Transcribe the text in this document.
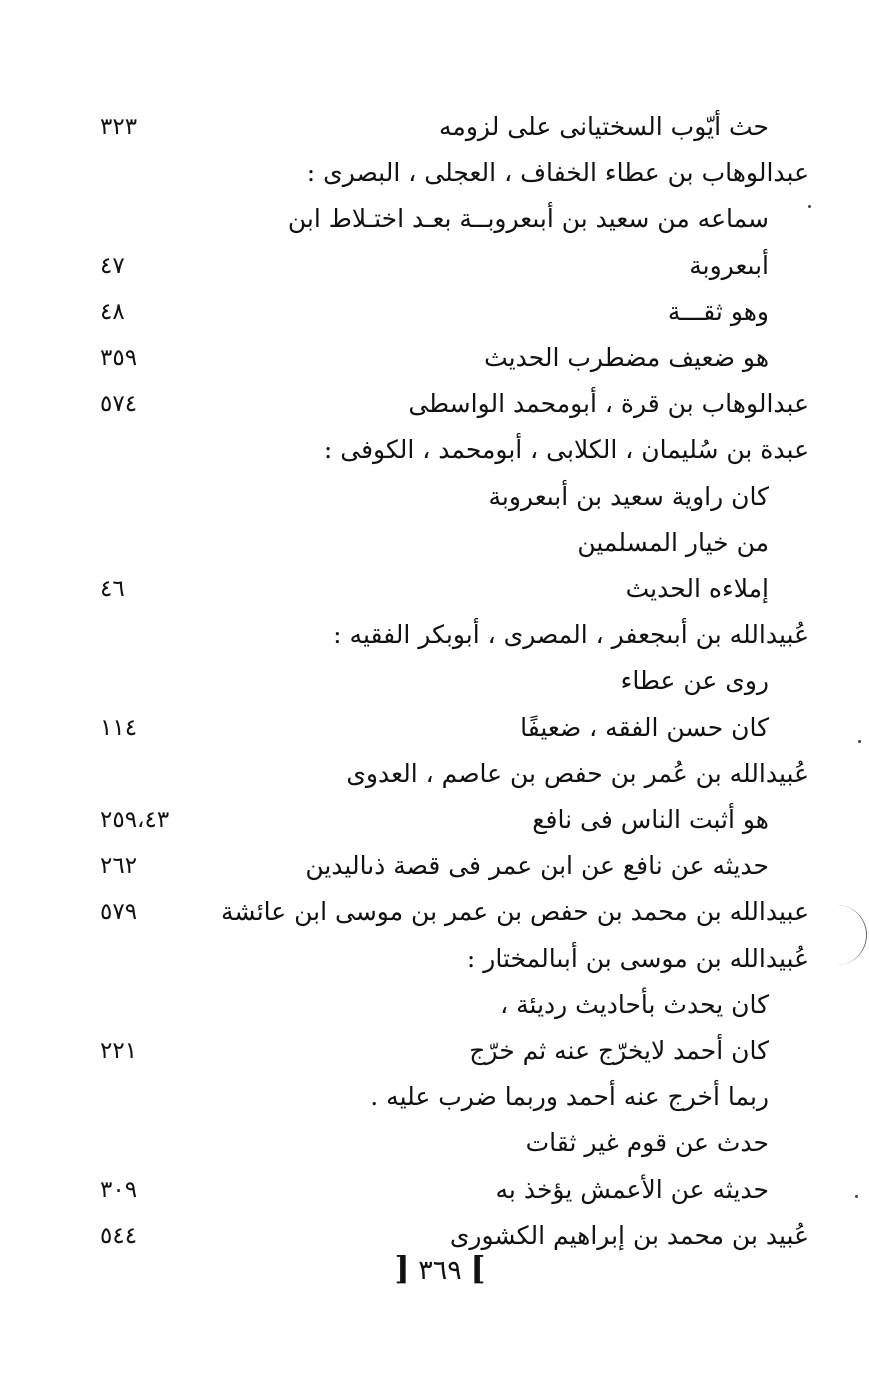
حث أيّوب السختيانى على لزومه
٣٢٣
عبدالوهاب بن عطاء الخفاف ، العجلى ، البصرى :
سماعه من سعيد بن أبىعروبــة بعـد اختـلاط ابن
أبىعروبة
٤٧
وهو ثقـــة
٤٨
هو ضعيف مضطرب الحديث
٣٥٩
عبدالوهاب بن قرة ، أبومحمد الواسطى
٥٧٤
عبدة بن سُليمان ، الكلابى ، أبومحمد ، الكوفى :
كان راوية سعيد بن أبىعروبة
من خيار المسلمين
إملاءه الحديث
٤٦
عُبيدالله بن أبىجعفر ، المصرى ، أبوبكر الفقيه :
روى عن عطاء
كان حسن الفقه ، ضعيفًا
١١٤
عُبيدالله بن عُمر بن حفص بن عاصم ، العدوى
هو أثبت الناس فى نافع
٢٥٩،٤٣
حديثه عن نافع عن ابن عمر فى قصة ذىاليدين
٢٦٢
عبيدالله بن محمد بن حفص بن عمر بن موسى ابن عائشة
٥٧٩
عُبيدالله بن موسى بن أبىالمختار :
كان يحدث بأحاديث رديئة ،
كان أحمد لايخرّج عنه ثم خرّج
٢٢١
ربما أخرج عنه أحمد وربما ضرب عليه .
حدث عن قوم غير ثقات
حديثه عن الأعمش يؤخذ به
٣٠٩
عُبيد بن محمد بن إبراهيم الكشورى
٥٤٤
] ٣٦٩ [
